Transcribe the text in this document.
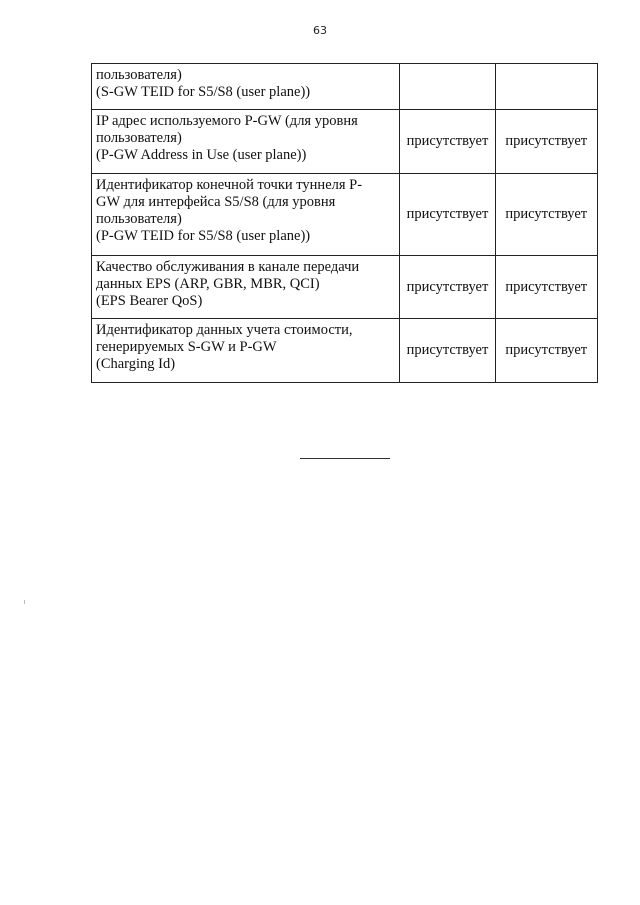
63
пользователя)
(S-GW TEID for S5/S8 (user plane))		

IP адрес используемого P-GW (для уровня
пользователя)
(P-GW Address in Use (user plane))	присутствует	присутствует

Идентификатор конечной точки туннеля P-
GW для интерфейса S5/S8 (для уровня
пользователя)
(P-GW TEID for S5/S8 (user plane))	присутствует	присутствует

Качество обслуживания в канале передачи
данных EPS (ARP, GBR, MBR, QCI)
(EPS Bearer QoS)	присутствует	присутствует

Идентификатор данных учета стоимости,
генерируемых S-GW и P-GW
(Charging Id)	присутствует	присутствует
